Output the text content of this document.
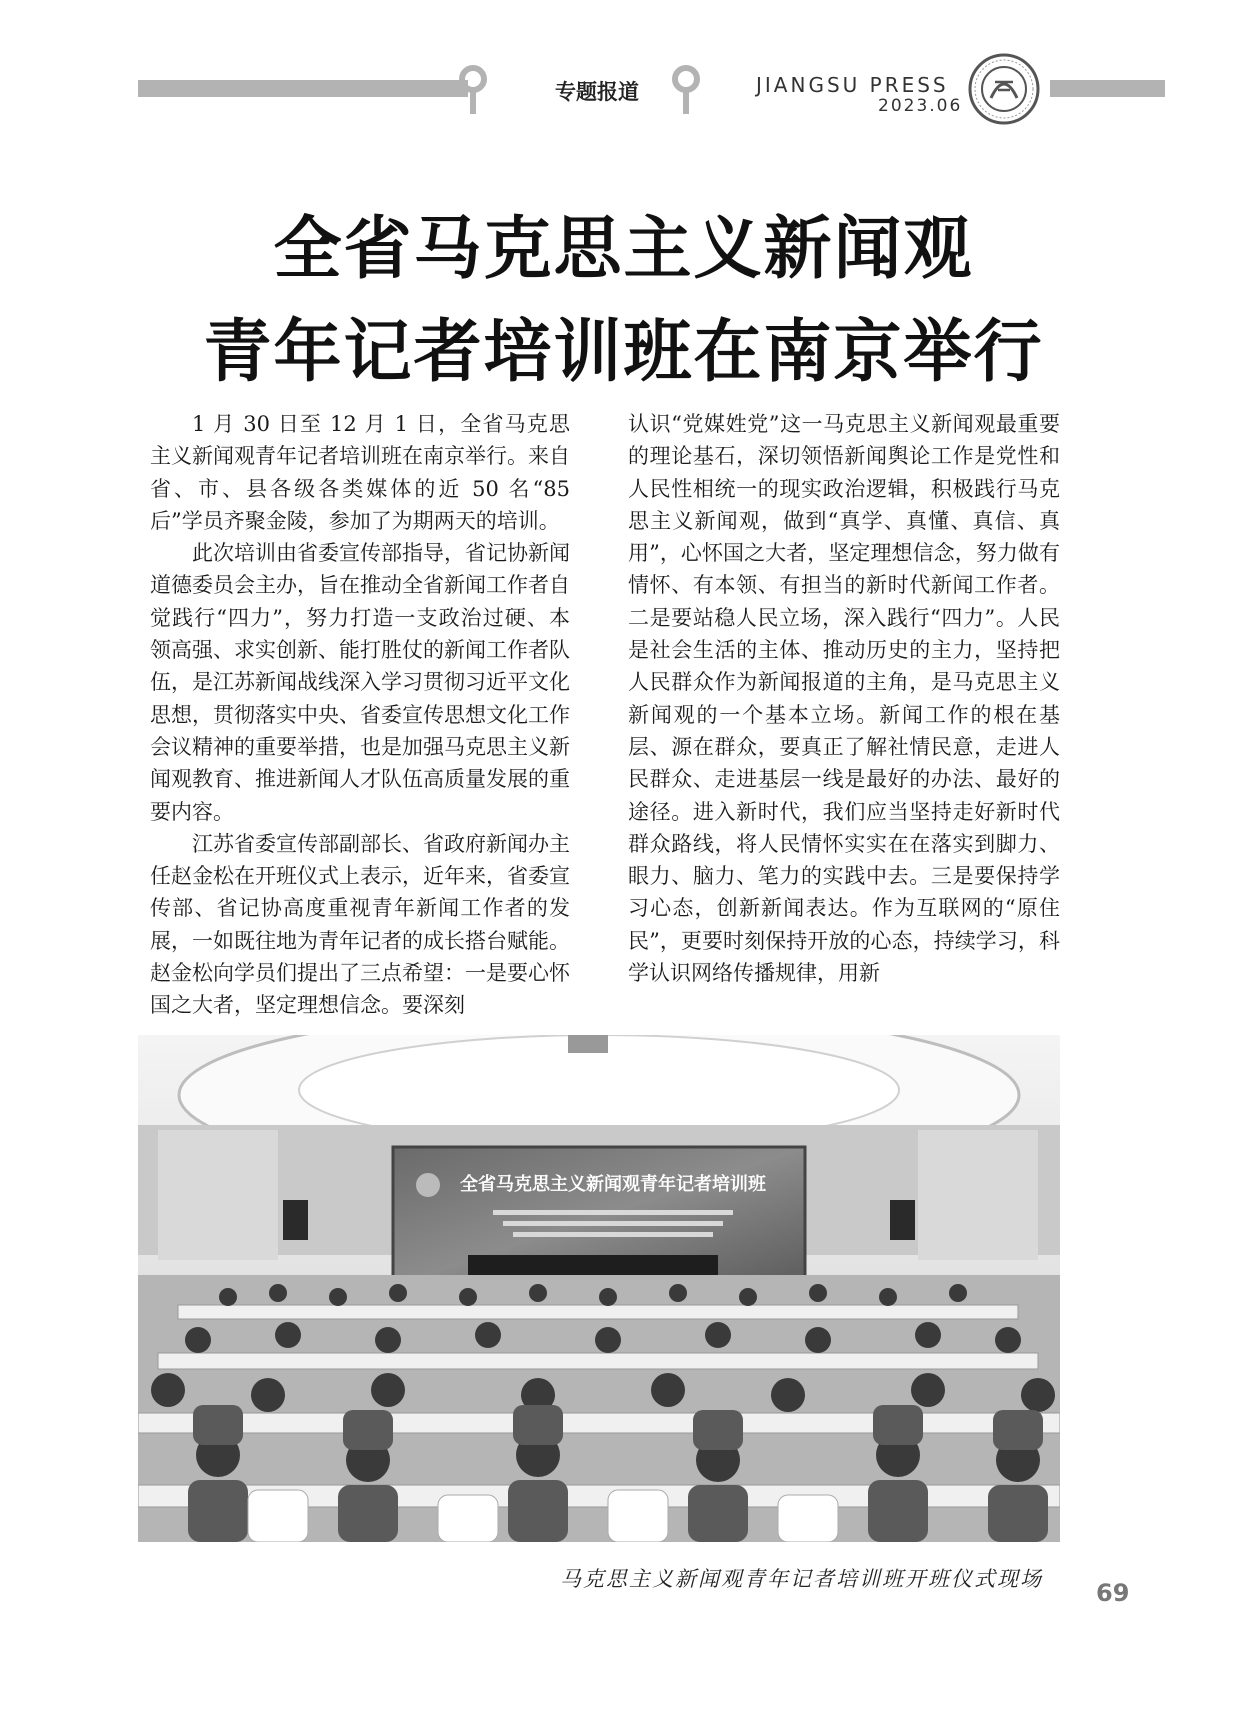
专题报道	JIANGSU PRESS
2023.06
全省马克思主义新闻观
青年记者培训班在南京举行

1 月 30 日至 12 月 1 日，全省马克思主义新闻观青年记者培训班在南京举行。来自省、市、县各级各类媒体的近 50 名“85后”学员齐聚金陵，参加了为期两天的培训。

此次培训由省委宣传部指导，省记协新闻道德委员会主办，旨在推动全省新闻工作者自觉践行“四力”，努力打造一支政治过硬、本领高强、求实创新、能打胜仗的新闻工作者队伍，是江苏新闻战线深入学习贯彻习近平文化思想，贯彻落实中央、省委宣传思想文化工作会议精神的重要举措，也是加强马克思主义新闻观教育、推进新闻人才队伍高质量发展的重要内容。

江苏省委宣传部副部长、省政府新闻办主任赵金松在开班仪式上表示，近年来，省委宣传部、省记协高度重视青年新闻工作者的发展，一如既往地为青年记者的成长搭台赋能。赵金松向学员们提出了三点希望：一是要心怀国之大者，坚定理想信念。要深刻

认识“党媒姓党”这一马克思主义新闻观最重要的理论基石，深切领悟新闻舆论工作是党性和人民性相统一的现实政治逻辑，积极践行马克思主义新闻观，做到“真学、真懂、真信、真用”，心怀国之大者，坚定理想信念，努力做有情怀、有本领、有担当的新时代新闻工作者。二是要站稳人民立场，深入践行“四力”。人民是社会生活的主体、推动历史的主力，坚持把人民群众作为新闻报道的主角，是马克思主义新闻观的一个基本立场。新闻工作的根在基层、源在群众，要真正了解社情民意，走进人民群众、走进基层一线是最好的办法、最好的途径。进入新时代，我们应当坚持走好新时代群众路线，将人民情怀实实在在落实到脚力、眼力、脑力、笔力的实践中去。三是要保持学习心态，创新新闻表达。作为互联网的“原住民”，更要时刻保持开放的心态，持续学习，科学认识网络传播规律，用新

全省马克思主义新闻观青年记者培训班
马克思主义新闻观青年记者培训班开班仪式现场 69
